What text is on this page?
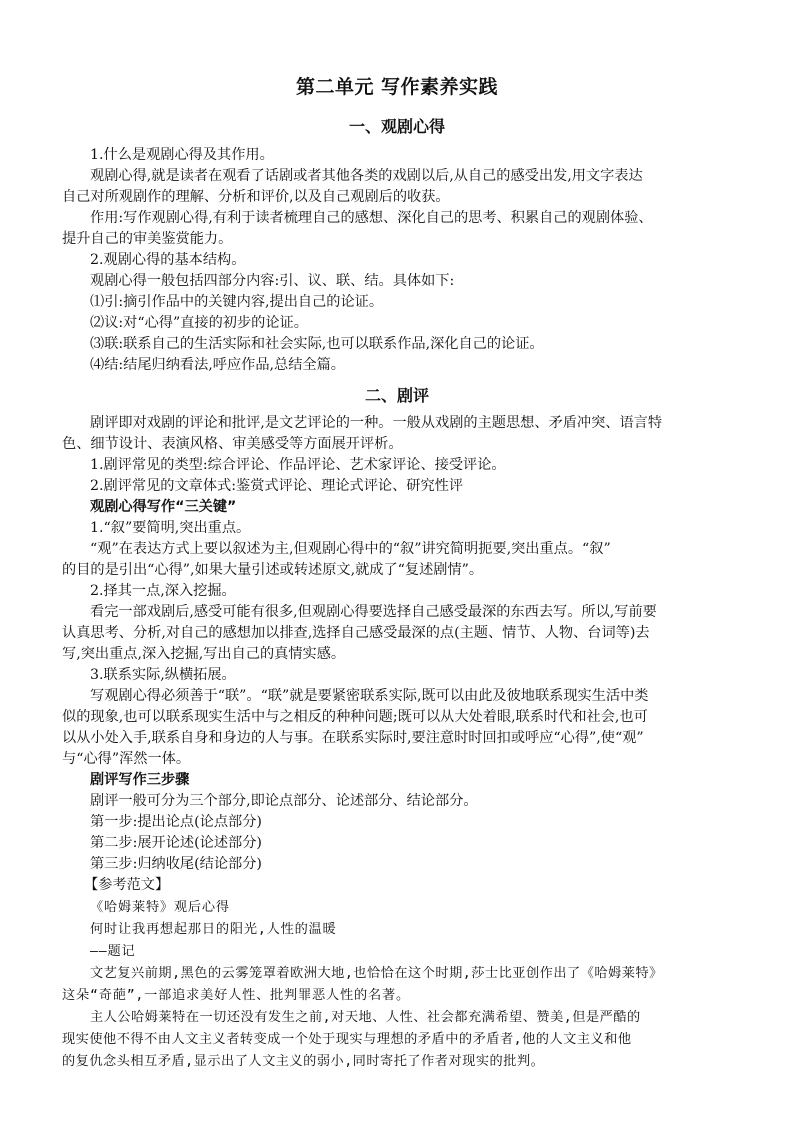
第二单元 写作素养实践
一、观剧心得
1.什么是观剧心得及其作用。
观剧心得,就是读者在观看了话剧或者其他各类的戏剧以后,从自己的感受出发,用文字表达
自己对所观剧作的理解、分析和评价,以及自己观剧后的收获。
作用:写作观剧心得,有利于读者梳理自己的感想、深化自己的思考、积累自己的观剧体验、
提升自己的审美鉴赏能力。
2.观剧心得的基本结构。
观剧心得一般包括四部分内容:引、议、联、结。具体如下:
⑴引:摘引作品中的关键内容,提出自己的论证。
⑵议:对“心得”直接的初步的论证。
⑶联:联系自己的生活实际和社会实际,也可以联系作品,深化自己的论证。
⑷结:结尾归纳看法,呼应作品,总结全篇。
二、剧评
剧评即对戏剧的评论和批评,是文艺评论的一种。一般从戏剧的主题思想、矛盾冲突、语言特
色、细节设计、表演风格、审美感受等方面展开评析。
1.剧评常见的类型:综合评论、作品评论、艺术家评论、接受评论。
2.剧评常见的文章体式:鉴赏式评论、理论式评论、研究性评
观剧心得写作“三关键”
1.“叙”要简明,突出重点。
“观”在表达方式上要以叙述为主,但观剧心得中的“叙”讲究简明扼要,突出重点。“叙”
的目的是引出“心得”,如果大量引述或转述原文,就成了“复述剧情”。
2.择其一点,深入挖掘。
看完一部戏剧后,感受可能有很多,但观剧心得要选择自己感受最深的东西去写。所以,写前要
认真思考、分析,对自己的感想加以排查,选择自己感受最深的点(主题、情节、人物、台词等)去
写,突出重点,深入挖掘,写出自己的真情实感。
3.联系实际,纵横拓展。
写观剧心得必须善于“联”。“联”就是要紧密联系实际,既可以由此及彼地联系现实生活中类
似的现象,也可以联系现实生活中与之相反的种种问题;既可以从大处着眼,联系时代和社会,也可
以从小处入手,联系自身和身边的人与事。在联系实际时,要注意时时回扣或呼应“心得”,使“观”
与“心得”浑然一体。
剧评写作三步骤
剧评一般可分为三个部分,即论点部分、论述部分、结论部分。
第一步:提出论点(论点部分)
第二步:展开论述(论述部分)
第三步:归纳收尾(结论部分)
【参考范文】
《哈姆莱特》观后心得
何时让我再想起那日的阳光,人性的温暖
——题记
文艺复兴前期,黑色的云雾笼罩着欧洲大地,也恰恰在这个时期,莎士比亚创作出了《哈姆莱特》
这朵“奇葩”,一部追求美好人性、批判罪恶人性的名著。
主人公哈姆莱特在一切还没有发生之前,对天地、人性、社会都充满希望、赞美,但是严酷的
现实使他不得不由人文主义者转变成一个处于现实与理想的矛盾中的矛盾者,他的人文主义和他
的复仇念头相互矛盾,显示出了人文主义的弱小,同时寄托了作者对现实的批判。
